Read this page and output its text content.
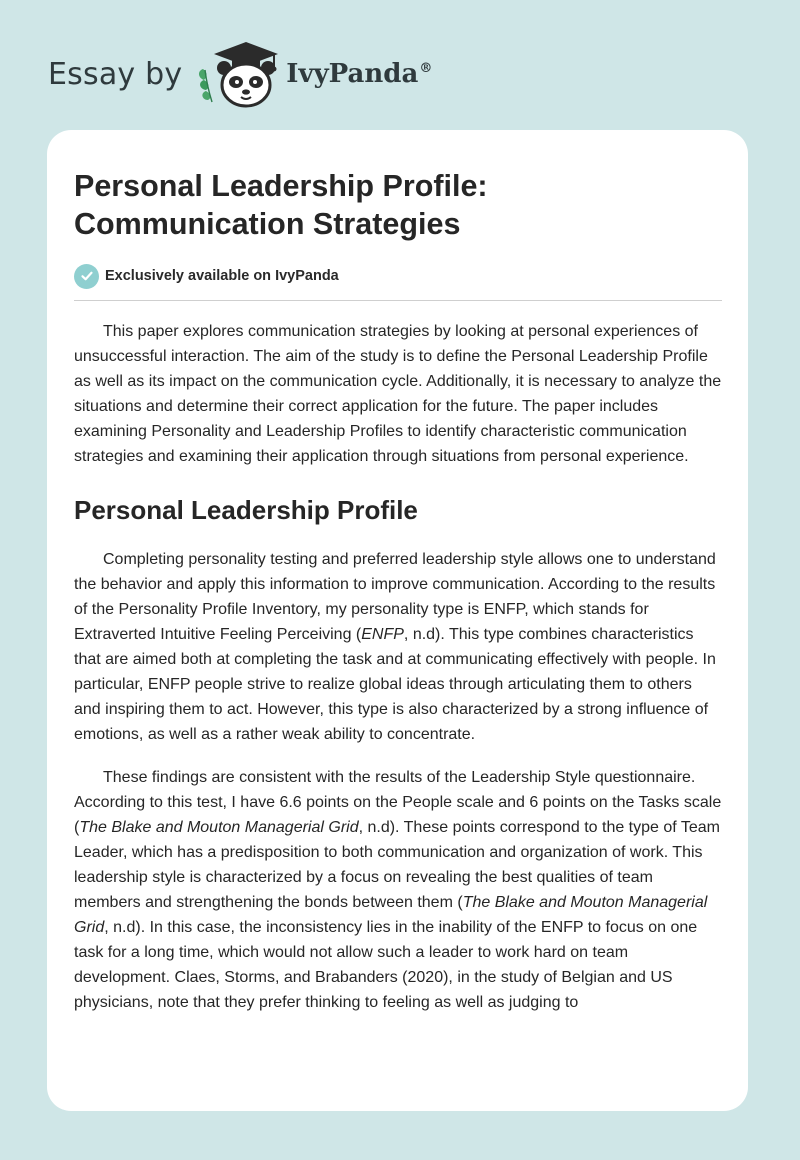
Essay by	IvyPanda®
Personal Leadership Profile:
Communication Strategies
Exclusively available on IvyPanda

This paper explores communication strategies by looking at personal experiences of unsuccessful interaction. The aim of the study is to define the Personal Leadership Profile as well as its impact on the communication cycle. Additionally, it is necessary to analyze the situations and determine their correct application for the future. The paper includes examining Personality and Leadership Profiles to identify characteristic communication strategies and examining their application through situations from personal experience.

Personal Leadership Profile

Completing personality testing and preferred leadership style allows one to understand the behavior and apply this information to improve communication. According to the results of the Personality Profile Inventory, my personality type is ENFP, which stands for Extraverted Intuitive Feeling Perceiving (ENFP, n.d). This type combines characteristics that are aimed both at completing the task and at communicating effectively with people. In particular, ENFP people strive to realize global ideas through articulating them to others and inspiring them to act. However, this type is also characterized by a strong influence of emotions, as well as a rather weak ability to concentrate.

These findings are consistent with the results of the Leadership Style questionnaire. According to this test, I have 6.6 points on the People scale and 6 points on the Tasks scale (The Blake and Mouton Managerial Grid, n.d). These points correspond to the type of Team Leader, which has a predisposition to both communication and organization of work. This leadership style is characterized by a focus on revealing the best qualities of team members and strengthening the bonds between them (The Blake and Mouton Managerial Grid, n.d). In this case, the inconsistency lies in the inability of the ENFP to focus on one task for a long time, which would not allow such a leader to work hard on team development. Claes, Storms, and Brabanders (2020), in the study of Belgian and US physicians, note that they prefer thinking to feeling as well as judging to
